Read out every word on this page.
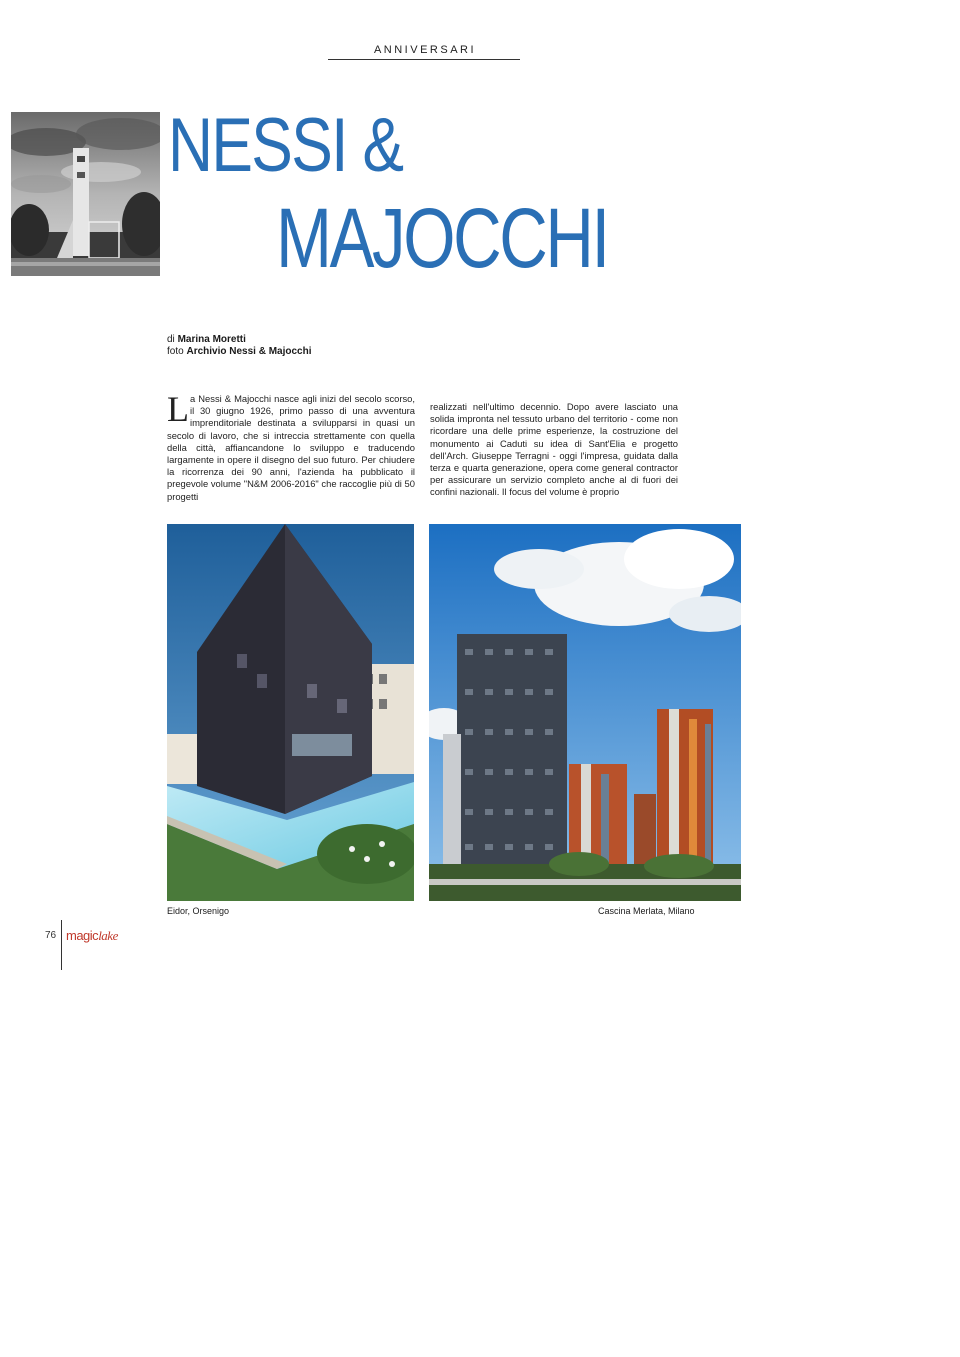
ANNIVERSARI
NESSI &
MAJOCCHI
di Marina Moretti
foto Archivio Nessi & Majocchi
La Nessi & Majocchi nasce agli inizi del secolo scorso, il 30 giugno 1926, primo passo di una avventura imprenditoriale destinata a svilupparsi in quasi un secolo di lavoro, che si intreccia strettamente con quella della città, affiancandone lo sviluppo e traducendo largamente in opere il disegno del suo futuro. Per chiudere la ricorrenza dei 90 anni, l'azienda ha pubblicato il pregevole volume "N&M 2006-2016" che raccoglie più di 50 progetti
realizzati nell'ultimo decennio. Dopo avere lasciato una solida impronta nel tessuto urbano del territorio - come non ricordare una delle prime esperienze, la costruzione del monumento ai Caduti su idea di Sant'Elia e progetto dell'Arch. Giuseppe Terragni - oggi l'impresa, guidata dalla terza e quarta generazione, opera come general contractor per assicurare un servizio completo anche al di fuori dei confini nazionali. Il focus del volume è proprio
Eidor, Orsenigo	Cascina Merlata, Milano
76 magiclake
